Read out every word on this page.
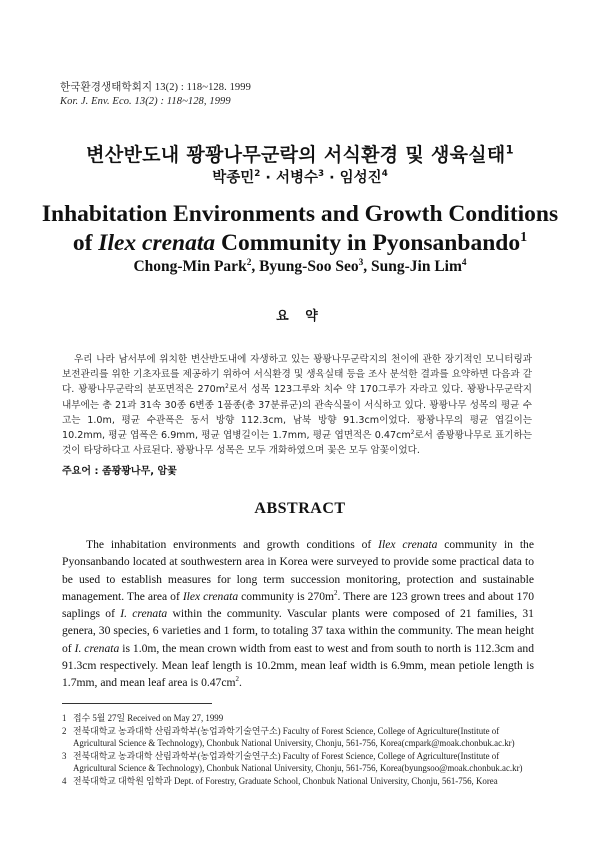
한국환경생태학회지 13(2) : 118~128. 1999

Kor. J. Env. Eco. 13(2) : 118~128, 1999

변산반도내 꽝꽝나무군락의 서식환경 및 생육실태$^1$

박종민$^2$ · 서병수$^3$ · 임성진$^4$

Inhabitation Environments and Growth Conditions
of Ilex crenata Community in Pyonsanbando$^1$

Chong-Min Park$^2$, Byung-Soo Seo$^3$, Sung-Jin Lim$^4$

요 약

우리 나라 남서부에 위치한 변산반도내에 자생하고 있는 꽝꽝나무군락지의 천이에 관한 장기적인 모니터링과 보전관리를 위한 기초자료를 제공하기 위하여 서식환경 및 생육실태 등을 조사 분석한 결과를 요약하면 다음과 같다. 꽝꽝나무군락의 분포면적은 $270m^2$로서 성목 123그루와 치수 약 170그루가 자라고 있다. 꽝꽝나무군락지 내부에는 총 21과 31속 30종 6변종 1품종(총 37분류군)의 관속식물이 서식하고 있다. 꽝꽝나무 성목의 평균 수고는 1.0m, 평균 수관폭은 동서 방향 112.3cm, 남북 방향 91.3cm이었다. 꽝꽝나무의 평균 엽길이는 10.2mm, 평균 엽폭은 6.9mm, 평균 엽병길이는 1.7mm, 평균 엽면적은 $0.47cm^2$로서 좀꽝꽝나무로 표기하는 것이 타당하다고 사료된다. 꽝꽝나무 성목은 모두 개화하였으며 꽃은 모두 암꽃이었다.

주요어 : 좀꽝꽝나무, 암꽃

ABSTRACT

The inhabitation environments and growth conditions of Ilex crenata community in the Pyonsanbando located at southwestern area in Korea were surveyed to provide some practical data to be used to establish measures for long term succession monitoring, protection and sustainable management. The area of Ilex crenata community is $270m^2$. There are 123 grown trees and about 170 saplings of I. crenata within the community. Vascular plants were composed of 21 families, 31 genera, 30 species, 6 varieties and 1 form, to totaling 37 taxa within the community. The mean height of I. crenata is 1.0m, the mean crown width from east to west and from south to north is 112.3cm and 91.3cm respectively. Mean leaf length is 10.2mm, mean leaf width is 6.9mm, mean petiole length is 1.7mm, and mean leaf area is $0.47cm^2$.

1 접수 5월 27일 Received on May 27, 1999
2 전북대학교 농과대학 산림과학부(농업과학기술연구소) Faculty of Forest Science, College of Agriculture(Institute of Agricultural Science & Technology), Chonbuk National University, Chonju, 561-756, Korea(cmpark@moak.chonbuk.ac.kr)
3 전북대학교 농과대학 산림과학부(농업과학기술연구소) Faculty of Forest Science, College of Agriculture(Institute of Agricultural Science & Technology), Chonbuk National University, Chonju, 561-756, Korea(byungsoo@moak.chonbuk.ac.kr)
4 전북대학교 대학원 임학과 Dept. of Forestry, Graduate School, Chonbuk National University, Chonju, 561-756, Korea
